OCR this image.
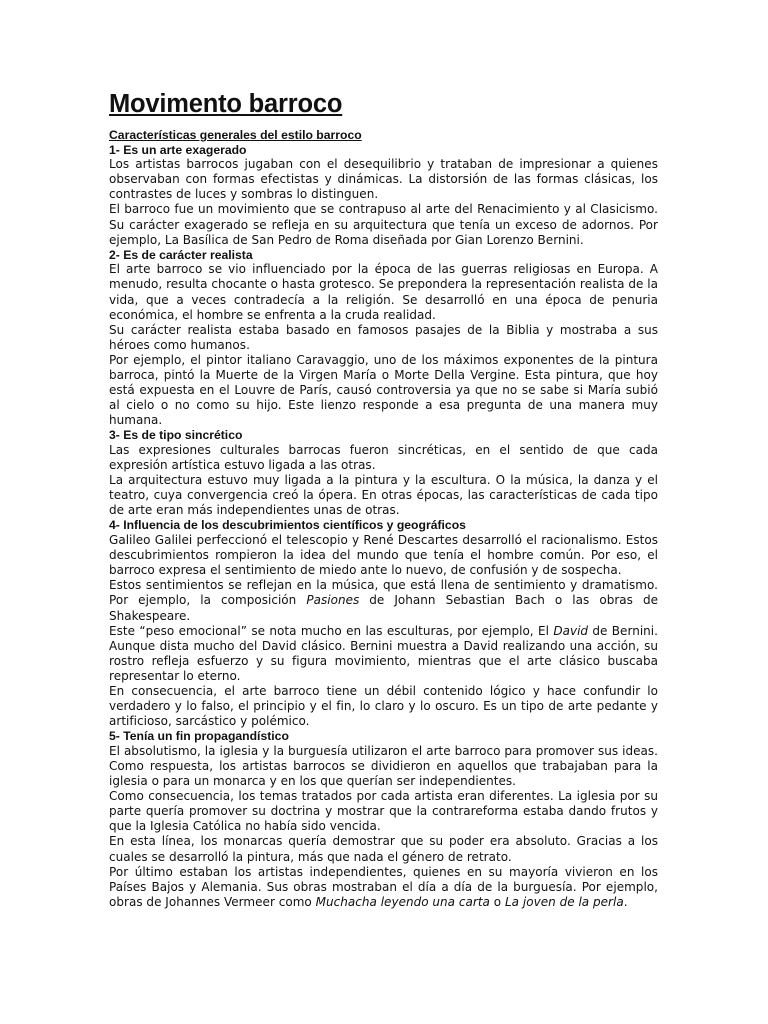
Movimento barroco
Características generales del estilo barroco
1- Es un arte exagerado

Los artistas barrocos jugaban con el desequilibrio y trataban de impresionar a quienes observaban con formas efectistas y dinámicas. La distorsión de las formas clásicas, los contrastes de luces y sombras lo distinguen.

El barroco fue un movimiento que se contrapuso al arte del Renacimiento y al Clasicismo. Su carácter exagerado se refleja en su arquitectura que tenía un exceso de adornos. Por ejemplo, La Basílica de San Pedro de Roma diseñada por Gian Lorenzo Bernini.

2- Es de carácter realista

El arte barroco se vio influenciado por la época de las guerras religiosas en Europa. A menudo, resulta chocante o hasta grotesco. Se prepondera la representación realista de la vida, que a veces contradecía a la religión. Se desarrolló en una época de penuria económica, el hombre se enfrenta a la cruda realidad.

Su carácter realista estaba basado en famosos pasajes de la Biblia y mostraba a sus héroes como humanos.

Por ejemplo, el pintor italiano Caravaggio, uno de los máximos exponentes de la pintura barroca, pintó la Muerte de la Virgen María o Morte Della Vergine. Esta pintura, que hoy está expuesta en el Louvre de París, causó controversia ya que no se sabe si María subió al cielo o no como su hijo. Este lienzo responde a esa pregunta de una manera muy humana.

3- Es de tipo sincrético

Las expresiones culturales barrocas fueron sincréticas, en el sentido de que cada expresión artística estuvo ligada a las otras.

La arquitectura estuvo muy ligada a la pintura y la escultura. O la música, la danza y el teatro, cuya convergencia creó la ópera. En otras épocas, las características de cada tipo de arte eran más independientes unas de otras.

4- Influencia de los descubrimientos científicos y geográficos

Galileo Galilei perfeccionó el telescopio y René Descartes desarrolló el racionalismo. Estos descubrimientos rompieron la idea del mundo que tenía el hombre común. Por eso, el barroco expresa el sentimiento de miedo ante lo nuevo, de confusión y de sospecha.

Estos sentimientos se reflejan en la música, que está llena de sentimiento y dramatismo. Por ejemplo, la composición Pasiones de Johann Sebastian Bach o las obras de Shakespeare.

Este “peso emocional” se nota mucho en las esculturas, por ejemplo, El David de Bernini. Aunque dista mucho del David clásico. Bernini muestra a David realizando una acción, su rostro refleja esfuerzo y su figura movimiento, mientras que el arte clásico buscaba representar lo eterno.

En consecuencia, el arte barroco tiene un débil contenido lógico y hace confundir lo verdadero y lo falso, el principio y el fin, lo claro y lo oscuro. Es un tipo de arte pedante y artificioso, sarcástico y polémico.

5- Tenía un fin propagandístico

El absolutismo, la iglesia y la burguesía utilizaron el arte barroco para promover sus ideas. Como respuesta, los artistas barrocos se dividieron en aquellos que trabajaban para la iglesia o para un monarca y en los que querían ser independientes.

Como consecuencia, los temas tratados por cada artista eran diferentes. La iglesia por su parte quería promover su doctrina y mostrar que la contrareforma estaba dando frutos y que la Iglesia Católica no había sido vencida.

En esta línea, los monarcas quería demostrar que su poder era absoluto. Gracias a los cuales se desarrolló la pintura, más que nada el género de retrato.

Por último estaban los artistas independientes, quienes en su mayoría vivieron en los Países Bajos y Alemania. Sus obras mostraban el día a día de la burguesía. Por ejemplo, obras de Johannes Vermeer como Muchacha leyendo una carta o La joven de la perla.
